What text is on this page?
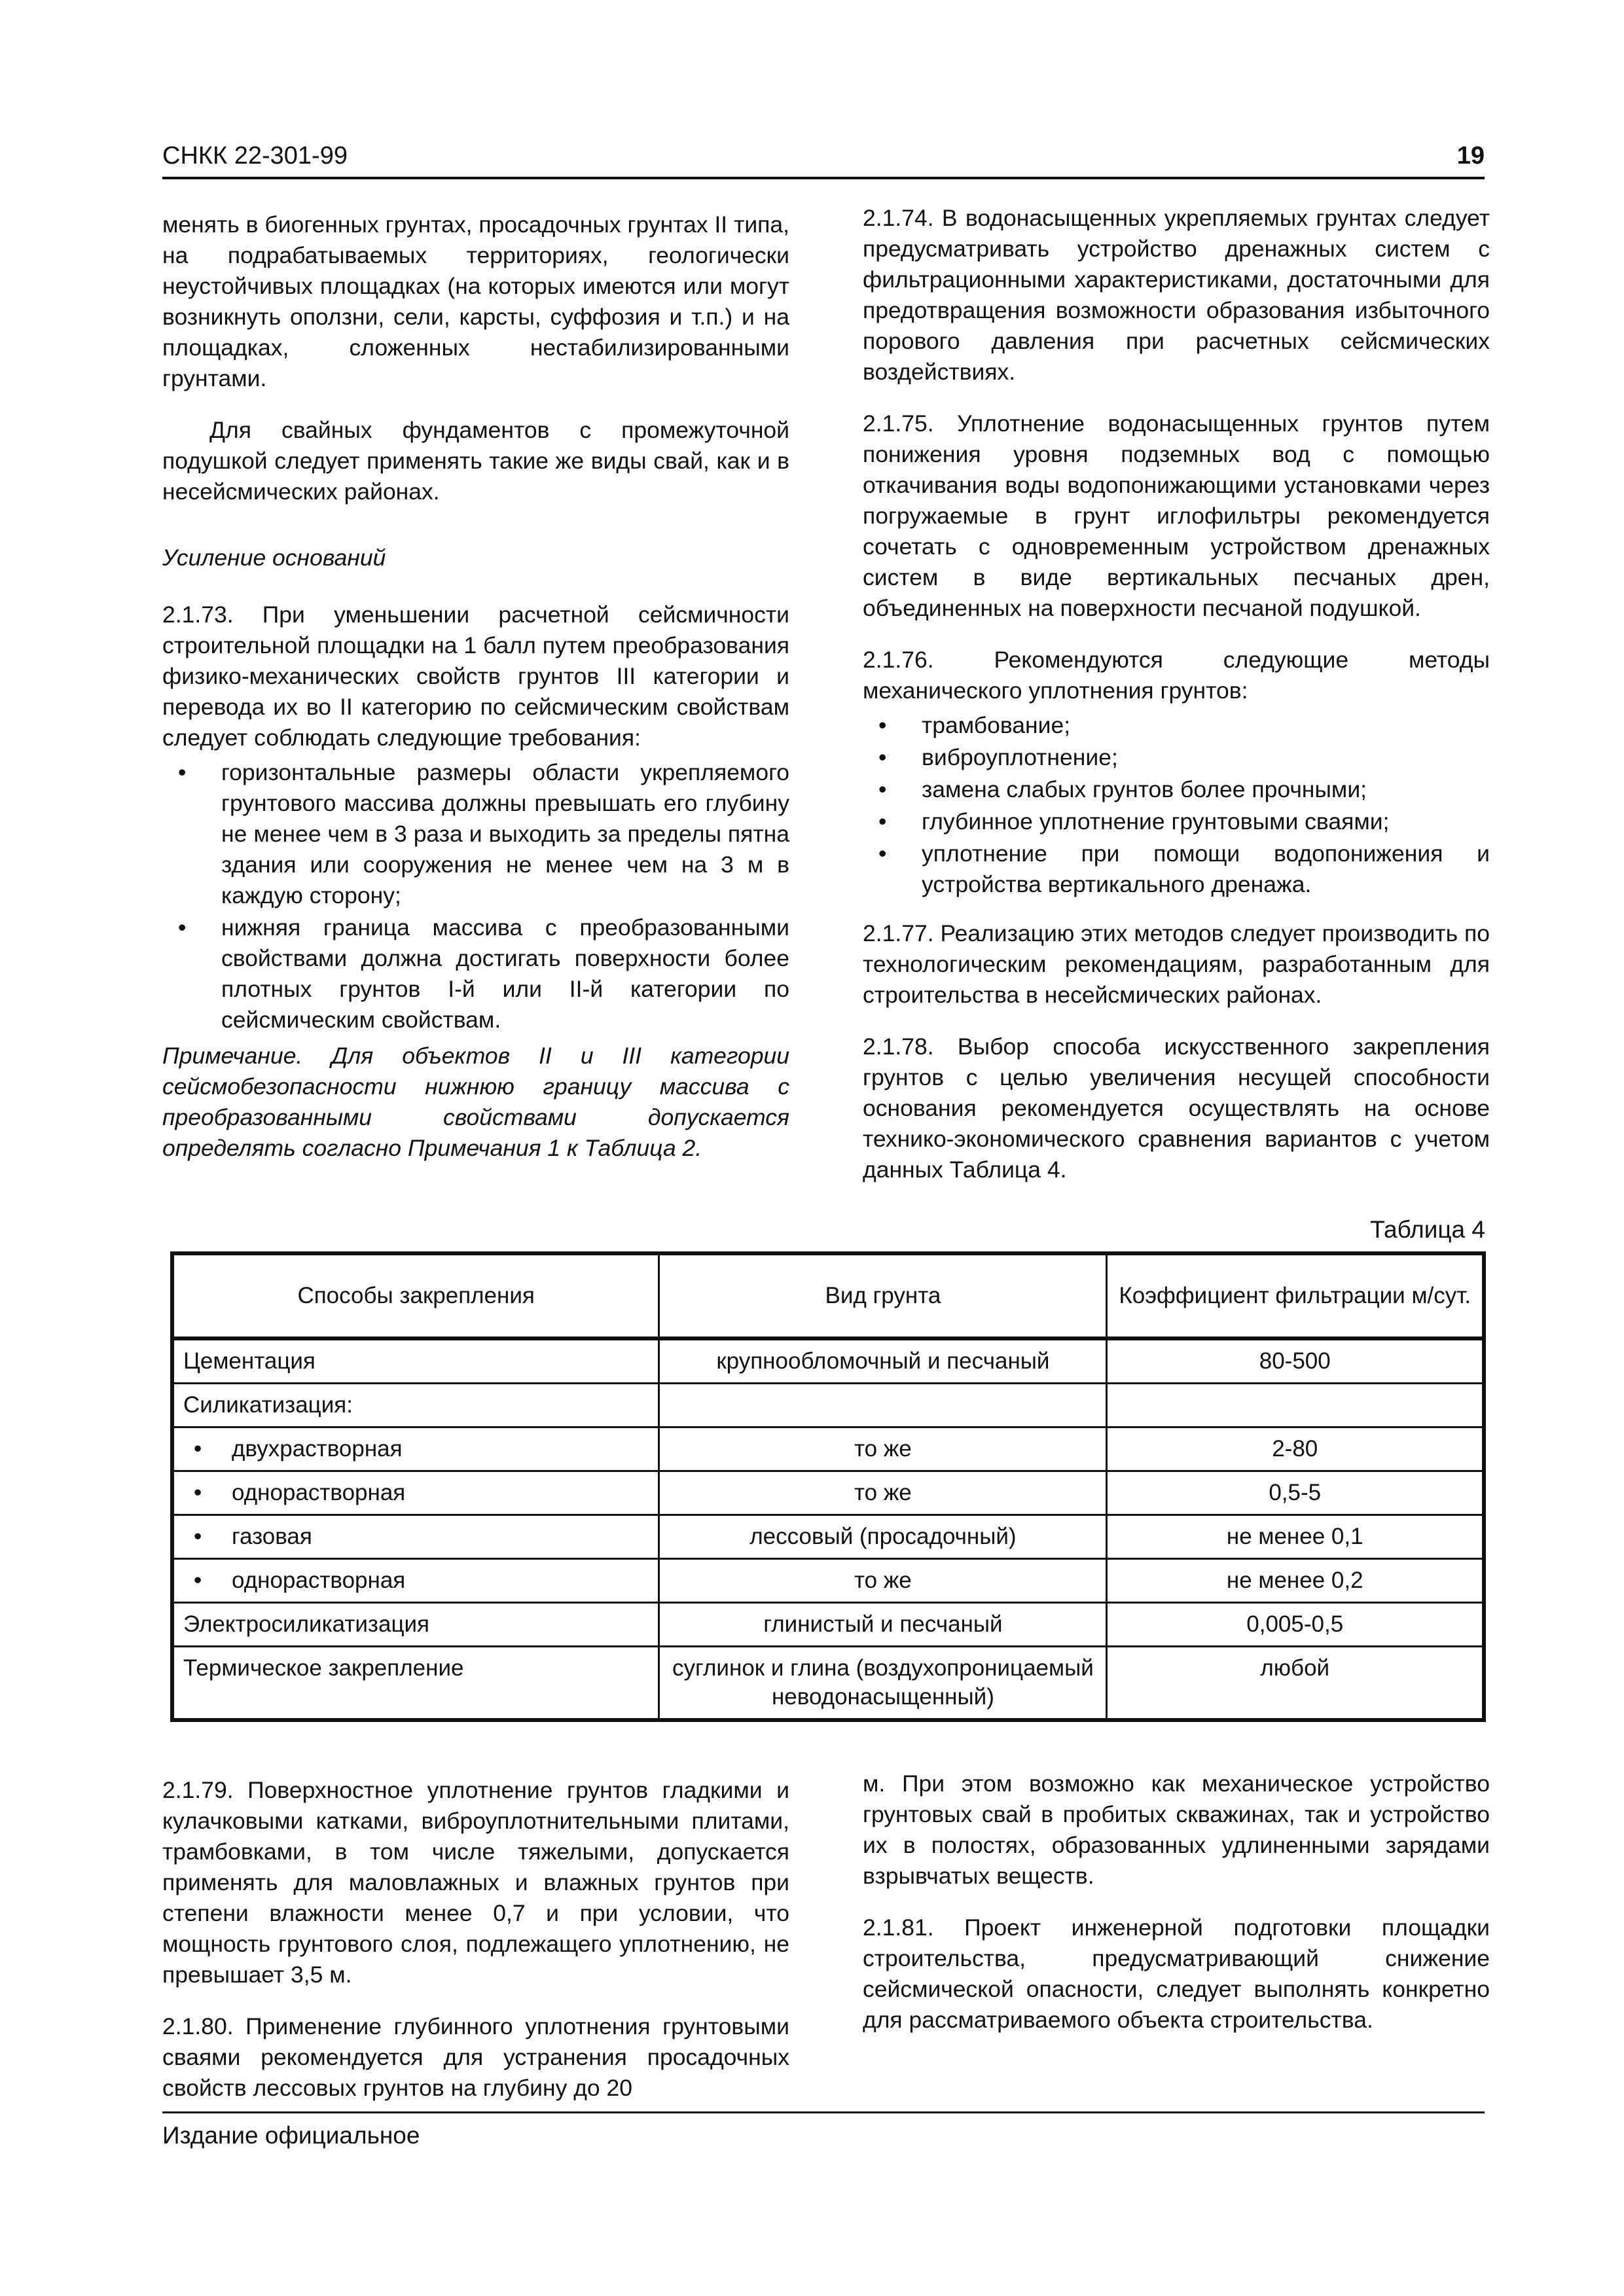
СНКК 22-301-99	19

менять в биогенных грунтах, просадочных грунтах II типа, на подрабатываемых территориях, геологически неустойчивых площадках (на которых имеются или могут возникнуть оползни, сели, карсты, суффозия и т.п.) и на площадках, сложенных нестабилизированными грунтами.

Для свайных фундаментов с промежуточной подушкой следует применять такие же виды свай, как и в несейсмических районах.

Усиление оснований

2.1.73. При уменьшении расчетной сейсмичности строительной площадки на 1 балл путем преобразования физико-механических свойств грунтов III категории и перевода их во II категорию по сейсмическим свойствам следует соблюдать следующие требования:

• горизонтальные размеры области укрепляемого грунтового массива должны превышать его глубину не менее чем в 3 раза и выходить за пределы пятна здания или сооружения не менее чем на 3 м в каждую сторону;
• нижняя граница массива с преобразованными свойствами должна достигать поверхности более плотных грунтов I-й или II-й категории по сейсмическим свойствам.

Примечание. Для объектов II и III категории сейсмобезопасности нижнюю границу массива с преобразованными свойствами допускается определять согласно Примечания 1 к Таблица 2.

2.1.74. В водонасыщенных укрепляемых грунтах следует предусматривать устройство дренажных систем с фильтрационными характеристиками, достаточными для предотвращения возможности образования избыточного порового давления при расчетных сейсмических воздействиях.

2.1.75. Уплотнение водонасыщенных грунтов путем понижения уровня подземных вод с помощью откачивания воды водопонижающими установками через погружаемые в грунт иглофильтры рекомендуется сочетать с одновременным устройством дренажных систем в виде вертикальных песчаных дрен, объединенных на поверхности песчаной подушкой.

2.1.76. Рекомендуются следующие методы механического уплотнения грунтов:

• трамбование;
• виброуплотнение;
• замена слабых грунтов более прочными;
• глубинное уплотнение грунтовыми сваями;
• уплотнение при помощи водопонижения и устройства вертикального дренажа.

2.1.77. Реализацию этих методов следует производить по технологическим рекомендациям, разработанным для строительства в несейсмических районах.

2.1.78. Выбор способа искусственного закрепления грунтов с целью увеличения несущей способности основания рекомендуется осуществлять на основе технико-экономического сравнения вариантов с учетом данных Таблица 4.

Таблица 4
Способы закрепления	Вид грунта	Коэффициент фильтрации м/сут.
Цементация	крупнообломочный и песчаный	80-500
Силикатизация:		
• двухрастворная	то же	2-80
• однорастворная	то же	0,5-5
• газовая	лессовый (просадочный)	не менее 0,1
• однорастворная	то же	не менее 0,2
Электросиликатизация	глинистый и песчаный	0,005-0,5
Термическое закрепление	суглинок и глина (воздухопроницаемый неводонасыщенный)	любой

2.1.79. Поверхностное уплотнение грунтов гладкими и кулачковыми катками, виброуплотнительными плитами, трамбовками, в том числе тяжелыми, допускается применять для маловлажных и влажных грунтов при степени влажности менее 0,7 и при условии, что мощность грунтового слоя, подлежащего уплотнению, не превышает 3,5 м.

2.1.80. Применение глубинного уплотнения грунтовыми сваями рекомендуется для устранения просадочных свойств лессовых грунтов на глубину до 20

м. При этом возможно как механическое устройство грунтовых свай в пробитых скважинах, так и устройство их в полостях, образованных удлиненными зарядами взрывчатых веществ.

2.1.81. Проект инженерной подготовки площадки строительства, предусматривающий снижение сейсмической опасности, следует выполнять конкретно для рассматриваемого объекта строительства.

Издание официальное
